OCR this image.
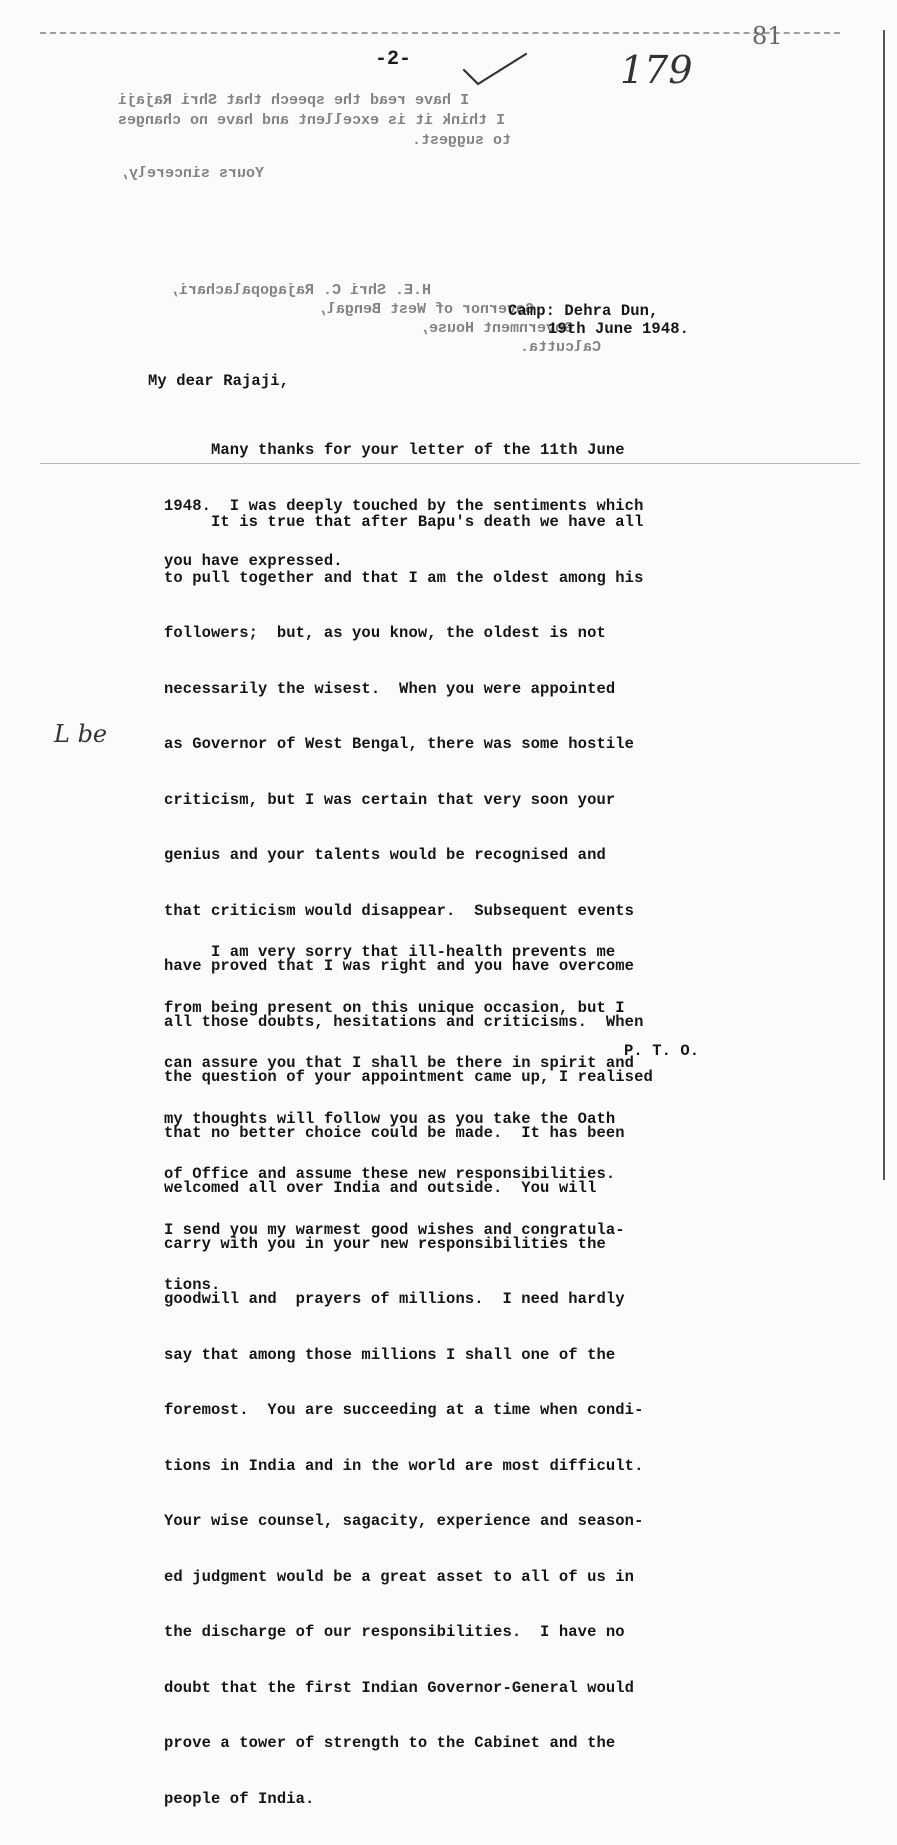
-2-	179
81
I have read the speech that Shri Rajaji
I think it is excellent and have no changes
to suggest.
Yours sincerely,
H.E. Shri C. Rajagopalachari,
Governor of West Bengal,
Government House,
Calcutta.
Camp: Dehra Dun,
19th June 1948.
My dear Rajaji,

Many thanks for your letter of the 11th June

1948.  I was deeply touched by the sentiments which

you have expressed.

It is true that after Bapu's death we have all

to pull together and that I am the oldest among his

followers;  but, as you know, the oldest is not

necessarily the wisest.  When you were appointed

as Governor of West Bengal, there was some hostile

criticism, but I was certain that very soon your

genius and your talents would be recognised and

that criticism would disappear.  Subsequent events

have proved that I was right and you have overcome

all those doubts, hesitations and criticisms.  When

the question of your appointment came up, I realised

that no better choice could be made.  It has been

welcomed all over India and outside.  You will

carry with you in your new responsibilities the

goodwill and  prayers of millions.  I need hardly

say that among those millions I shall one of the

foremost.  You are succeeding at a time when condi-

tions in India and in the world are most difficult.

Your wise counsel, sagacity, experience and season-

ed judgment would be a great asset to all of us in

the discharge of our responsibilities.  I have no

doubt that the first Indian Governor-General would

prove a tower of strength to the Cabinet and the

people of India.

I am very sorry that ill-health prevents me

from being present on this unique occasion, but I

can assure you that I shall be there in spirit and

my thoughts will follow you as you take the Oath

of Office and assume these new responsibilities.

I send you my warmest good wishes and congratula-

tions.

P. T. O.
L be
